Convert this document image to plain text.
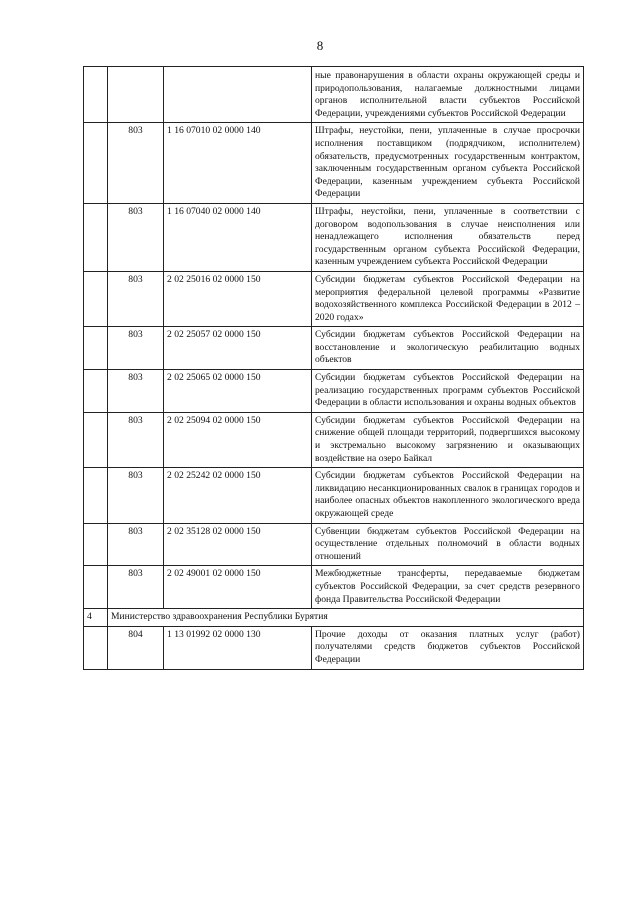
8
			ные правонарушения в области охраны окружающей среды и природопользования, налагаемые должностными лицами органов исполнительной власти субъектов Российской Федерации, учреждениями субъектов Российской Федерации
	803	1 16 07010 02 0000 140	Штрафы, неустойки, пени, уплаченные в случае просрочки исполнения поставщиком (подрядчиком, исполнителем) обязательств, предусмотренных государственным контрактом, заключенным государственным органом субъекта Российской Федерации, казенным учреждением субъекта Российской Федерации
	803	1 16 07040 02 0000 140	Штрафы, неустойки, пени, уплаченные в соответствии с договором водопользования в случае неисполнения или ненадлежащего исполнения обязательств перед государственным органом субъекта Российской Федерации, казенным учреждением субъекта Российской Федерации
	803	2 02 25016 02 0000 150	Субсидии бюджетам субъектов Российской Федерации на мероприятия федеральной целевой программы «Развитие водохозяйственного комплекса Российской Федерации в 2012 – 2020 годах»
	803	2 02 25057 02 0000 150	Субсидии бюджетам субъектов Российской Федерации на восстановление и экологическую реабилитацию водных объектов
	803	2 02 25065 02 0000 150	Субсидии бюджетам субъектов Российской Федерации на реализацию государственных программ субъектов Российской Федерации в области использования и охраны водных объектов
	803	2 02 25094 02 0000 150	Субсидии бюджетам субъектов Российской Федерации на снижение общей площади территорий, подвергшихся высокому и экстремально высокому загрязнению и оказывающих воздействие на озеро Байкал
	803	2 02 25242 02 0000 150	Субсидии бюджетам субъектов Российской Федерации на ликвидацию несанкционированных свалок в границах городов и наиболее опасных объектов накопленного экологического вреда окружающей среде
	803	2 02 35128 02 0000 150	Субвенции бюджетам субъектов Российской Федерации на осуществление отдельных полномочий в области водных отношений
	803	2 02 49001 02 0000 150	Межбюджетные трансферты, передаваемые бюджетам субъектов Российской Федерации, за счет средств резервного фонда Правительства Российской Федерации
4	Министерство здравоохранения Республики Бурятия		
	804	1 13 01992 02 0000 130	Прочие доходы от оказания платных услуг (работ) получателями средств бюджетов субъектов Российской Федерации
